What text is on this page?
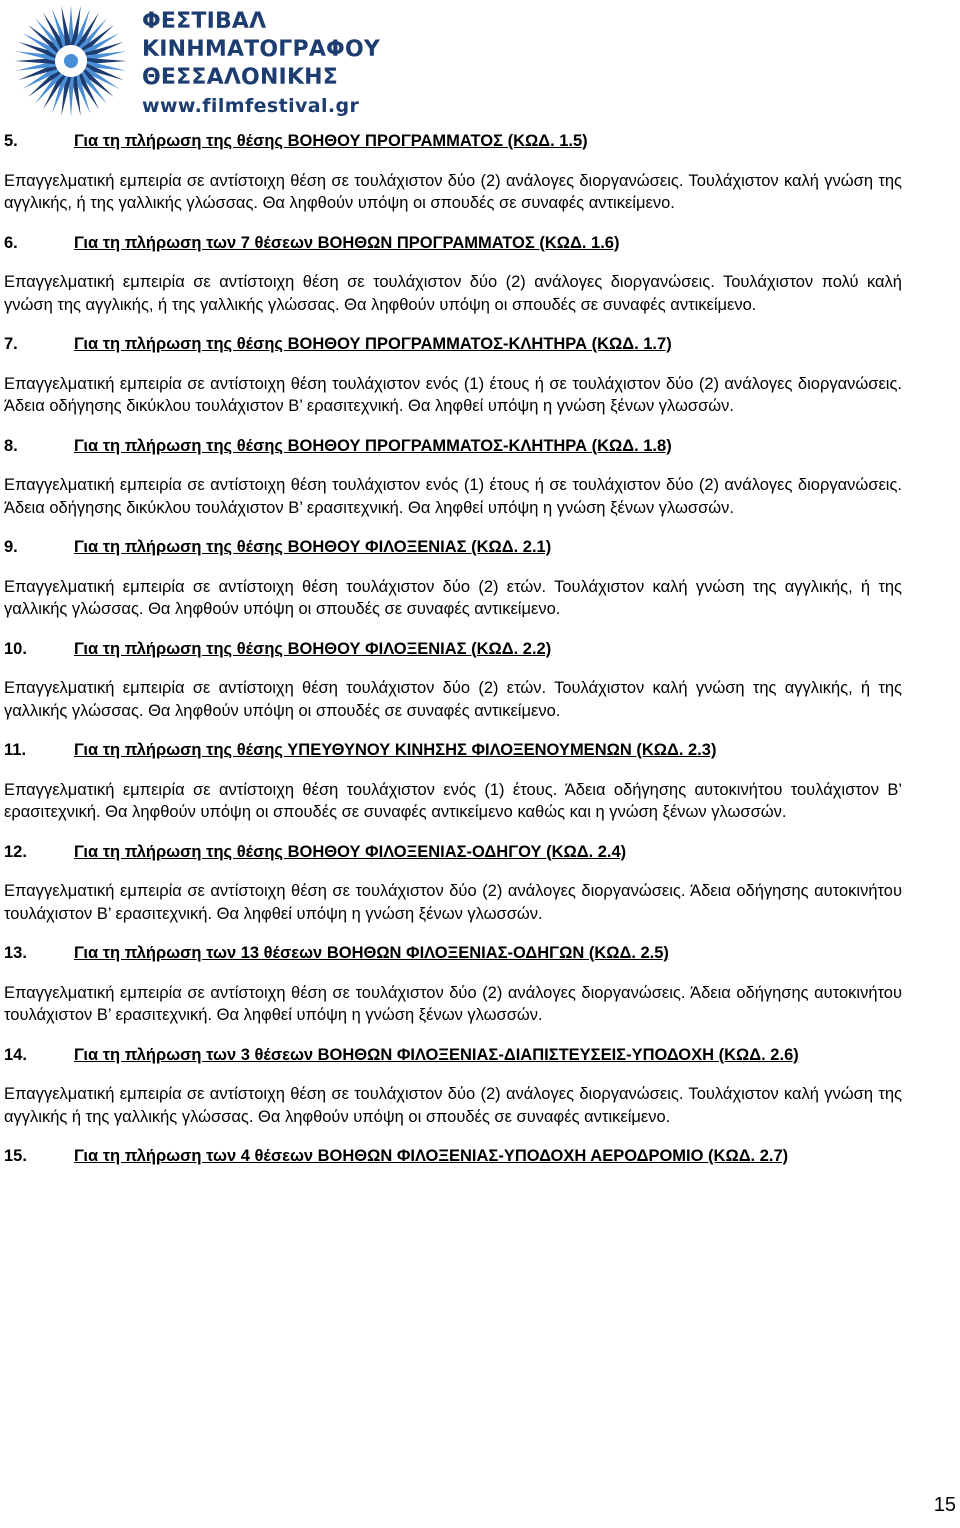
ΦΕΣΤΙΒΑΛ
ΚΙΝΗΜΑΤΟΓΡΑΦΟΥ
ΘΕΣΣΑΛΟΝΙΚΗΣ
www.filmfestival.gr

5.	Για τη πλήρωση της θέσης ΒΟΗΘΟΥ ΠΡΟΓΡΑΜΜΑΤΟΣ (ΚΩΔ. 1.5)

Επαγγελματική εμπειρία σε αντίστοιχη θέση σε τουλάχιστον δύο (2) ανάλογες διοργανώσεις. Τουλάχιστον καλή γνώση της αγγλικής, ή της γαλλικής γλώσσας. Θα ληφθούν υπόψη οι σπουδές σε συναφές αντικείμενο.

6.	Για τη πλήρωση των 7 θέσεων ΒΟΗΘΩΝ ΠΡΟΓΡΑΜΜΑΤΟΣ (ΚΩΔ. 1.6)

Επαγγελματική εμπειρία σε αντίστοιχη θέση σε τουλάχιστον δύο (2) ανάλογες διοργανώσεις. Τουλάχιστον πολύ καλή γνώση της αγγλικής, ή της γαλλικής γλώσσας. Θα ληφθούν υπόψη οι σπουδές σε συναφές αντικείμενο.

7.	Για τη πλήρωση της θέσης ΒΟΗΘΟΥ ΠΡΟΓΡΑΜΜΑΤΟΣ-ΚΛΗΤΗΡΑ (ΚΩΔ. 1.7)

Επαγγελματική εμπειρία σε αντίστοιχη θέση τουλάχιστον ενός (1) έτους ή σε τουλάχιστον δύο (2) ανάλογες διοργανώσεις. Άδεια οδήγησης δικύκλου τουλάχιστον Β’ ερασιτεχνική. Θα ληφθεί υπόψη η γνώση ξένων γλωσσών.

8.	Για τη πλήρωση της θέσης ΒΟΗΘΟΥ ΠΡΟΓΡΑΜΜΑΤΟΣ-ΚΛΗΤΗΡΑ (ΚΩΔ. 1.8)

Επαγγελματική εμπειρία σε αντίστοιχη θέση τουλάχιστον ενός (1) έτους ή σε τουλάχιστον δύο (2) ανάλογες διοργανώσεις. Άδεια οδήγησης δικύκλου τουλάχιστον Β’ ερασιτεχνική. Θα ληφθεί υπόψη η γνώση ξένων γλωσσών.

9.	Για τη πλήρωση της θέσης ΒΟΗΘΟΥ ΦΙΛΟΞΕΝΙΑΣ (ΚΩΔ. 2.1)

Επαγγελματική εμπειρία σε αντίστοιχη θέση τουλάχιστον δύο (2) ετών. Τουλάχιστον καλή γνώση της αγγλικής, ή της γαλλικής γλώσσας. Θα ληφθούν υπόψη οι σπουδές σε συναφές αντικείμενο.

10.	Για τη πλήρωση της θέσης ΒΟΗΘΟΥ ΦΙΛΟΞΕΝΙΑΣ (ΚΩΔ. 2.2)

Επαγγελματική εμπειρία σε αντίστοιχη θέση τουλάχιστον δύο (2) ετών. Τουλάχιστον καλή γνώση της αγγλικής, ή της γαλλικής γλώσσας. Θα ληφθούν υπόψη οι σπουδές σε συναφές αντικείμενο.

11.	Για τη πλήρωση της θέσης ΥΠΕΥΘΥΝΟΥ ΚΙΝΗΣΗΣ ΦΙΛΟΞΕΝΟΥΜΕΝΩΝ (ΚΩΔ. 2.3)

Επαγγελματική εμπειρία σε αντίστοιχη θέση τουλάχιστον ενός (1) έτους. Άδεια οδήγησης αυτοκινήτου τουλάχιστον Β’ ερασιτεχνική. Θα ληφθούν υπόψη οι σπουδές σε συναφές αντικείμενο καθώς και η γνώση ξένων γλωσσών.

12.	Για τη πλήρωση της θέσης ΒΟΗΘΟΥ ΦΙΛΟΞΕΝΙΑΣ-ΟΔΗΓΟΥ (ΚΩΔ. 2.4)

Επαγγελματική εμπειρία σε αντίστοιχη θέση σε τουλάχιστον δύο (2) ανάλογες διοργανώσεις. Άδεια οδήγησης αυτοκινήτου τουλάχιστον Β’ ερασιτεχνική. Θα ληφθεί υπόψη η γνώση ξένων γλωσσών.

13.	Για τη πλήρωση των 13 θέσεων ΒΟΗΘΩΝ ΦΙΛΟΞΕΝΙΑΣ-ΟΔΗΓΩΝ (ΚΩΔ. 2.5)

Επαγγελματική εμπειρία σε αντίστοιχη θέση σε τουλάχιστον δύο (2) ανάλογες διοργανώσεις. Άδεια οδήγησης αυτοκινήτου τουλάχιστον Β’ ερασιτεχνική. Θα ληφθεί υπόψη η γνώση ξένων γλωσσών.

14.	Για τη πλήρωση των 3 θέσεων ΒΟΗΘΩΝ ΦΙΛΟΞΕΝΙΑΣ-ΔΙΑΠΙΣΤΕΥΣΕΙΣ-ΥΠΟΔΟΧΗ (ΚΩΔ. 2.6)

Επαγγελματική εμπειρία σε αντίστοιχη θέση σε τουλάχιστον δύο (2) ανάλογες διοργανώσεις. Τουλάχιστον καλή γνώση της αγγλικής ή της γαλλικής γλώσσας. Θα ληφθούν υπόψη οι σπουδές σε συναφές αντικείμενο.

15.	Για τη πλήρωση των 4 θέσεων ΒΟΗΘΩΝ ΦΙΛΟΞΕΝΙΑΣ-ΥΠΟΔΟΧΗ ΑΕΡΟΔΡΟΜΙΟ (ΚΩΔ. 2.7)

15
